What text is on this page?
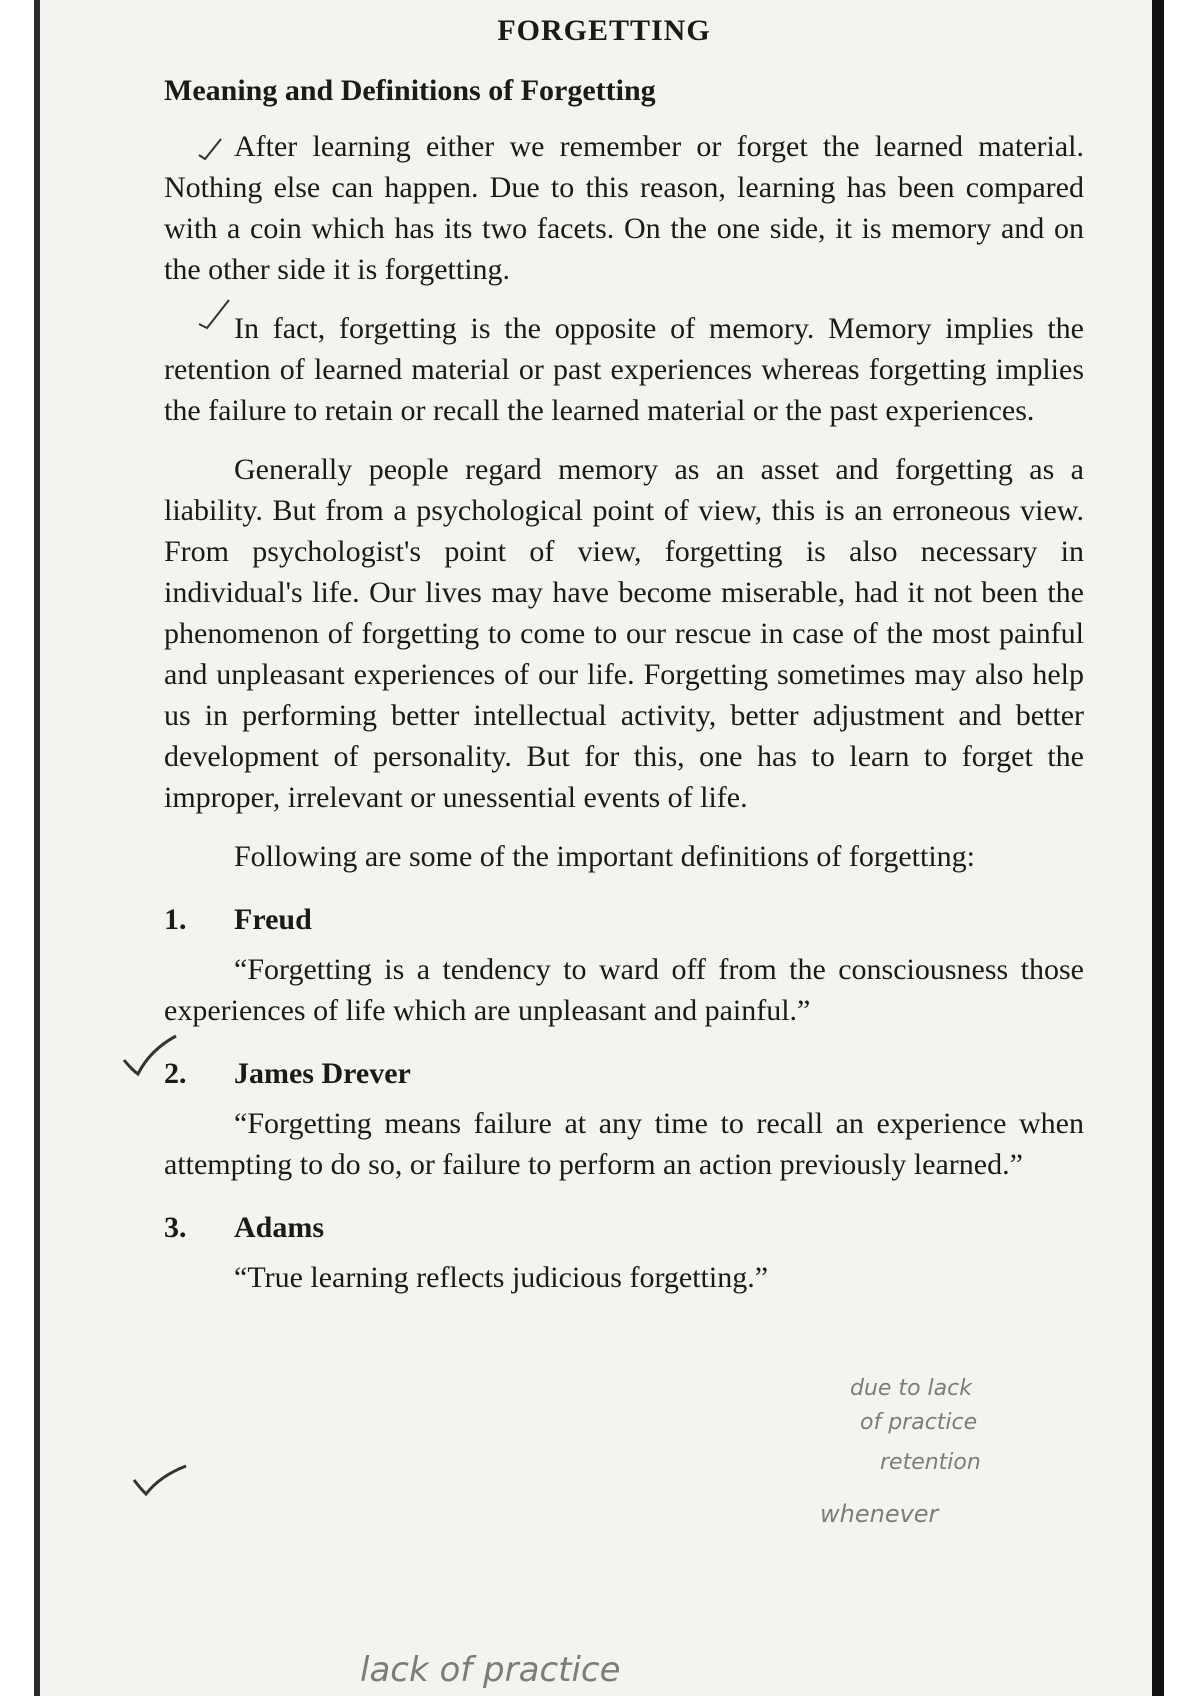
FORGETTING
Meaning and Definitions of Forgetting

After learning either we remember or forget the learned material. Nothing else can happen. Due to this reason, learning has been compared with a coin which has its two facets. On the one side, it is memory and on the other side it is forgetting.

In fact, forgetting is the opposite of memory. Memory implies the retention of learned material or past experiences whereas forgetting implies the failure to retain or recall the learned material or the past experiences.

Generally people regard memory as an asset and forgetting as a liability. But from a psychological point of view, this is an erroneous view. From psychologist's point of view, forgetting is also necessary in individual's life. Our lives may have become miserable, had it not been the phenomenon of forgetting to come to our rescue in case of the most painful and unpleasant experiences of our life. Forgetting sometimes may also help us in performing better intellectual activity, better adjustment and better development of personality. But for this, one has to learn to forget the improper, irrelevant or unessential events of life.

Following are some of the important definitions of forgetting:

1.	Freud

“Forgetting is a tendency to ward off from the consciousness those experiences of life which are unpleasant and painful.”

2.	James Drever

“Forgetting means failure at any time to recall an experience when attempting to do so, or failure to perform an action previously learned.”

3.	Adams

“True learning reflects judicious forgetting.”

lack of practice
due to lack
of practice
retention
whenever
